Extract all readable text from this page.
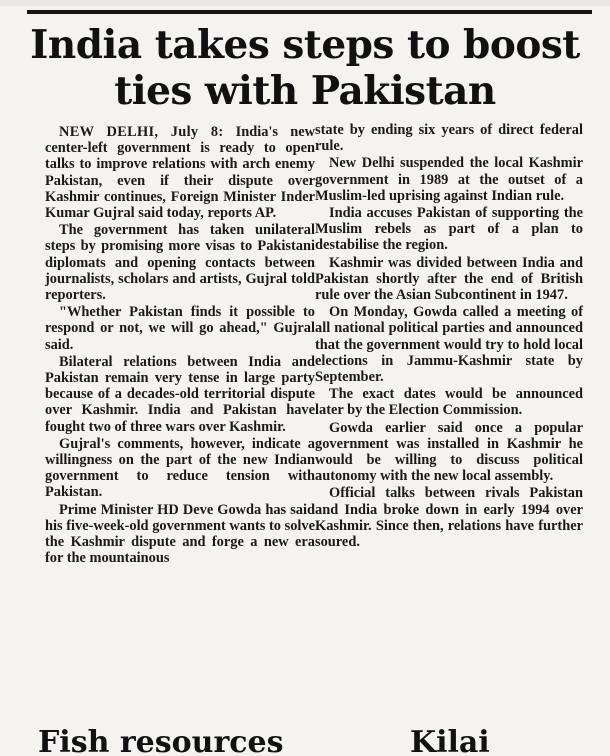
India takes steps to boost
ties with Pakistan

NEW DELHI, July 8: India's new center-left government is ready to open talks to improve relations with arch enemy Pakistan, even if their dispute over Kashmir continues, Foreign Minister Inder Kumar Gujral said today, reports AP.

The government has taken unilateral steps by promising more visas to Pakistani diplomats and opening contacts between journalists, scholars and artists, Gujral told reporters.

"Whether Pakistan finds it possible to respond or not, we will go ahead," Gujral said.

Bilateral relations between India and Pakistan remain very tense in large party because of a decades-old territorial dispute over Kashmir. India and Pakistan have fought two of three wars over Kashmir.

Gujral's comments, however, indicate a willingness on the part of the new Indian government to reduce tension with Pakistan.

Prime Minister HD Deve Gowda has said his five-week-old government wants to solve the Kashmir dispute and forge a new era for the mountainous

state by ending six years of direct federal rule.

New Delhi suspended the local Kashmir government in 1989 at the outset of a Muslim-led uprising against Indian rule.

India accuses Pakistan of supporting the Muslim rebels as part of a plan to destabilise the region.

Kashmir was divided between India and Pakistan shortly after the end of British rule over the Asian Subcontinent in 1947.

On Monday, Gowda called a meeting of all national political parties and announced that the government would try to hold local elections in Jammu-Kashmir state by September.

The exact dates would be announced later by the Election Commission.

Gowda earlier said once a popular government was installed in Kashmir he would be willing to discuss political autonomy with the new local assembly.

Official talks between rivals Pakistan and India broke down in early 1994 over Kashmir. Since then, relations have further soured.

Fish resources	Kilai
